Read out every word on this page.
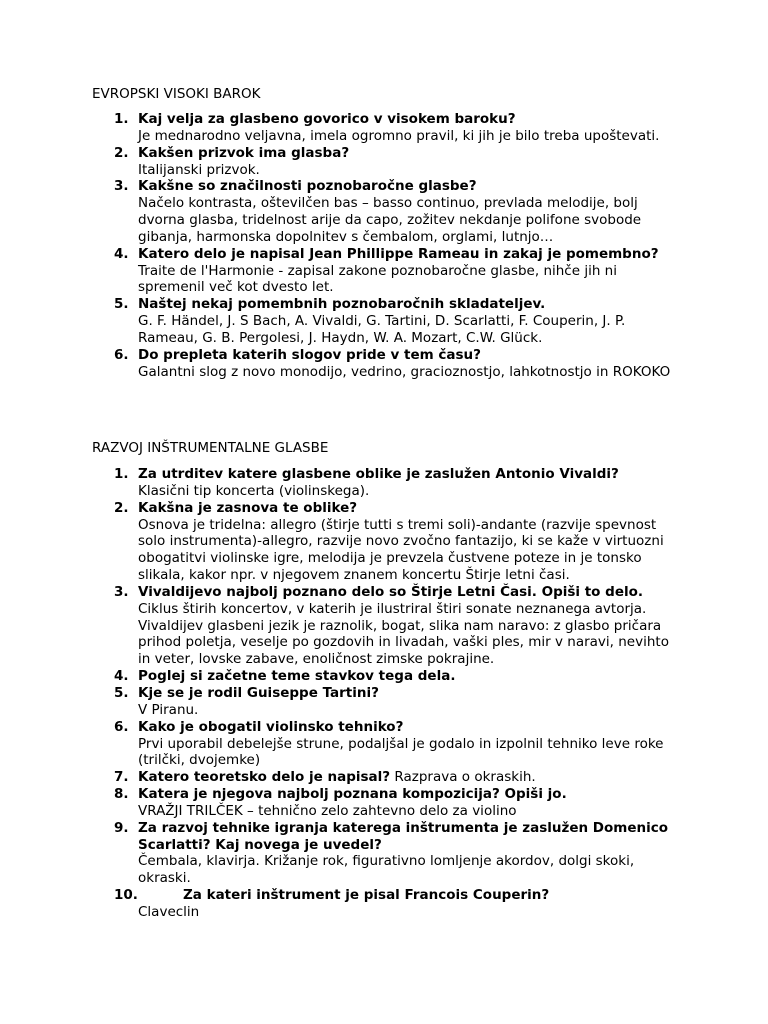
EVROPSKI VISOKI BAROK
1. Kaj velja za glasbeno govorico v visokem baroku?
Je mednarodno veljavna, imela ogromno pravil, ki jih je bilo treba upoštevati.
2. Kakšen prizvok ima glasba?
Italijanski prizvok.
3. Kakšne so značilnosti poznobaročne glasbe?
Načelo kontrasta, oštevilčen bas – basso continuo, prevlada melodije, bolj dvorna glasba, tridelnost arije da capo, zožitev nekdanje polifone svobode gibanja, harmonska dopolnitev s čembalom, orglami, lutnjo…
4. Katero delo je napisal Jean Phillippe Rameau in zakaj je pomembno?
Traite de l'Harmonie - zapisal zakone poznobaročne glasbe, nihče jih ni spremenil več kot dvesto let.
5. Naštej nekaj pomembnih poznobaročnih skladateljev.
G. F. Händel, J. S Bach, A. Vivaldi, G. Tartini, D. Scarlatti, F. Couperin, J. P. Rameau, G. B. Pergolesi, J. Haydn, W. A. Mozart, C.W. Glück.
6. Do prepleta katerih slogov pride v tem času?
Galantni slog z novo monodijo, vedrino, gracioznostjo, lahkotnostjo in ROKOKO
RAZVOJ INŠTRUMENTALNE GLASBE
1. Za utrditev katere glasbene oblike je zaslužen Antonio Vivaldi?
Klasični tip koncerta (violinskega).
2. Kakšna je zasnova te oblike?
Osnova je tridelna: allegro (štirje tutti s tremi soli)-andante (razvije spevnost solo instrumenta)-allegro, razvije novo zvočno fantazijo, ki se kaže v virtuozni obogatitvi violinske igre, melodija je prevzela čustvene poteze in je tonsko slikala, kakor npr. v njegovem znanem koncertu Štirje letni časi.
3. Vivaldijevo najbolj poznano delo so Štirje Letni Časi. Opiši to delo.
Ciklus štirih koncertov, v katerih je ilustriral štiri sonate neznanega avtorja. Vivaldijev glasbeni jezik je raznolik, bogat, slika nam naravo: z glasbo pričara prihod poletja, veselje po gozdovih in livadah, vaški ples, mir v naravi, nevihto in veter, lovske zabave, enoličnost zimske pokrajine.
4. Poglej si začetne teme stavkov tega dela.
5. Kje se je rodil Guiseppe Tartini?
V Piranu.
6. Kako je obogatil violinsko tehniko?
Prvi uporabil debelejše strune, podaljšal je godalo in izpolnil tehniko leve roke (trilčki, dvojemke)
7. Katero teoretsko delo je napisal? Razprava o okraskih.
8. Katera je njegova najbolj poznana kompozicija? Opiši jo.
VRAŽJI TRILČEK – tehnično zelo zahtevno delo za violino
9. Za razvoj tehnike igranja katerega inštrumenta je zaslužen Domenico Scarlatti? Kaj novega je uvedel?
Čembala, klavirja. Križanje rok, figurativno lomljenje akordov, dolgi skoki, okraski.
10.	Za kateri inštrument je pisal Francois Couperin?
Claveclin
